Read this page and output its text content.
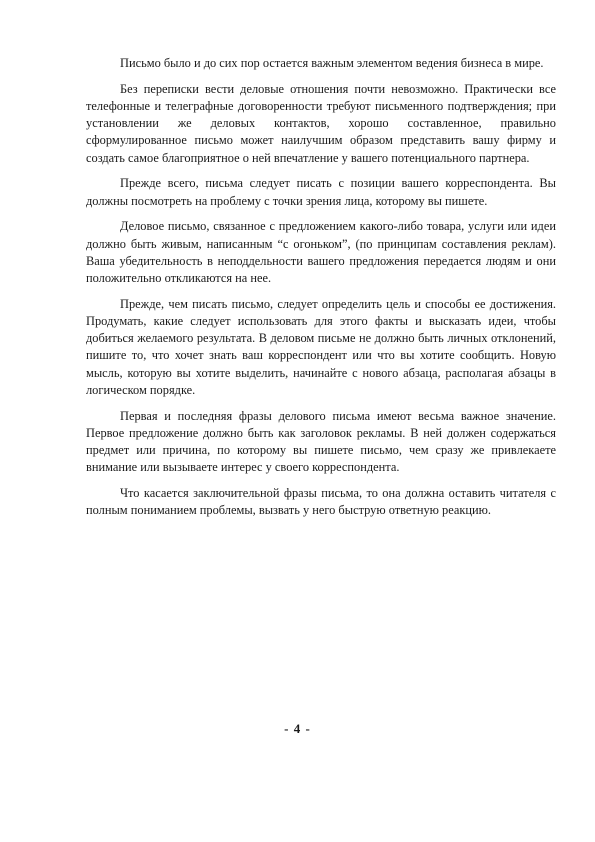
Письмо было и до сих пор остается важным элементом ведения бизнеса в мире.

Без переписки вести деловые отношения почти невозможно. Практически все телефонные и телеграфные договоренности требуют письменного подтверждения; при установлении же деловых контактов, хорошо составленное, правильно сформулированное письмо может наилучшим образом представить вашу фирму и создать самое благоприятное о ней впечатление у вашего потенциального партнера.

Прежде всего, письма следует писать с позиции вашего корреспондента. Вы должны посмотреть на проблему с точки зрения лица, которому вы пишете.

Деловое письмо, связанное с предложением какого-либо товара, услуги или идеи должно быть живым, написанным “с огоньком”, (по принципам составления реклам). Ваша убедительность в неподдельности вашего предложения передается людям и они положительно откликаются на нее.

Прежде, чем писать письмо, следует определить цель и способы ее достижения. Продумать, какие следует использовать для этого факты и высказать идеи, чтобы добиться желаемого результата. В деловом письме не должно быть личных отклонений, пишите то, что хочет знать ваш корреспондент или что вы хотите сообщить. Новую мысль, которую вы хотите выделить, начинайте с нового абзаца, располагая абзацы в логическом порядке.

Первая и последняя фразы делового письма имеют весьма важное значение. Первое предложение должно быть как заголовок рекламы. В ней должен содержаться предмет или причина, по которому вы пишете письмо, чем сразу же привлекаете внимание или вызываете интерес у своего корреспондента.

Что касается заключительной фразы письма, то она должна оставить читателя с полным пониманием проблемы, вызвать у него быструю ответную реакцию.

- 4 -
